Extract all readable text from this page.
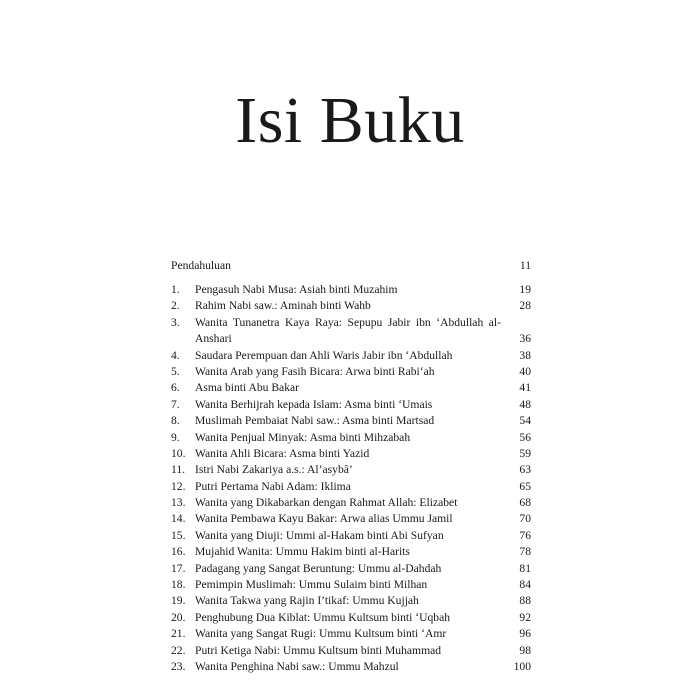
Isi Buku
Pendahuluan	11
1.	Pengasuh Nabi Musa: Asiah binti Muzahim	19
2.	Rahim Nabi saw.: Aminah binti Wahb	28
3.	Wanita Tunanetra Kaya Raya: Sepupu Jabir ibn ‘Abdullah al-Anshari	36
4.	Saudara Perempuan dan Ahli Waris Jabir ibn ‘Abdullah	38
5.	Wanita Arab yang Fasih Bicara: Arwa binti Rabi‘ah	40
6.	Asma binti Abu Bakar	41
7.	Wanita Berhijrah kepada Islam: Asma binti ‘Umais	48
8.	Muslimah Pembaiat Nabi saw.: Asma binti Martsad	54
9.	Wanita Penjual Minyak: Asma binti Mihzabah	56
10. Wanita Ahli Bicara: Asma binti Yazid	59
11. Istri Nabi Zakariya a.s.: Al’asybâ’	63
12. Putri Pertama Nabi Adam: Iklima	65
13. Wanita yang Dikabarkan dengan Rahmat Allah: Elizabet	68
14. Wanita Pembawa Kayu Bakar: Arwa alias Ummu Jamil	70
15. Wanita yang Diuji: Ummi al-Hakam binti Abi Sufyan	76
16. Mujahid Wanita: Ummu Hakim binti al-Harits	78
17. Padagang yang Sangat Beruntung: Ummu al-Dahdah	81
18. Pemimpin Muslimah: Ummu Sulaim binti Milhan	84
19. Wanita Takwa yang Rajin I’tikaf: Ummu Kujjah	88
20. Penghubung Dua Kiblat: Ummu Kultsum binti ‘Uqbah	92
21. Wanita yang Sangat Rugi: Ummu Kultsum binti ‘Amr	96
22. Putri Ketiga Nabi: Ummu Kultsum binti Muhammad	98
23. Wanita Penghina Nabi saw.: Ummu Mahzul	100
